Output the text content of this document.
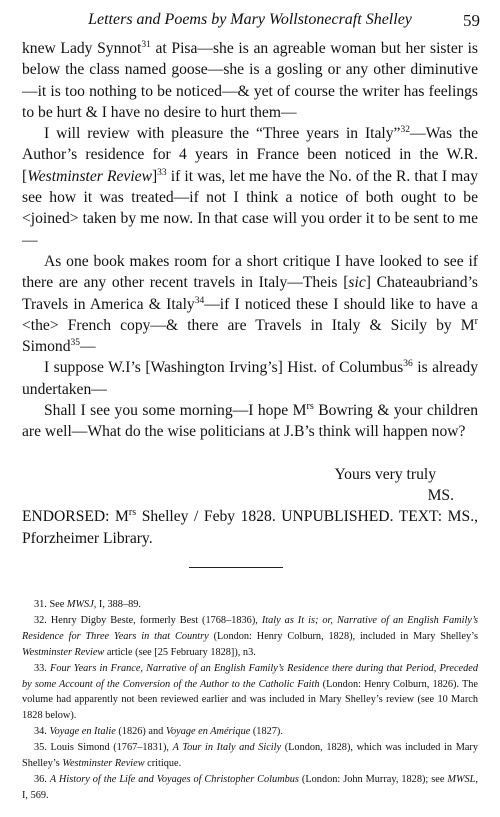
Letters and Poems by Mary Wollstonecraft Shelley	59

knew Lady Synnot$^{31}$ at Pisa—she is an agreable woman but her sister is below the class named goose—she is a gosling or any other diminutive—it is too nothing to be noticed—& yet of course the writer has feelings to be hurt & I have no desire to hurt them—

I will review with pleasure the “Three years in Italy”$^{32}$—Was the Author’s residence for 4 years in France been noticed in the W.R. [Westminster Review]$^{33}$ if it was, let me have the No. of the R. that I may see how it was treated—if not I think a notice of both ought to be <joined> taken by me now. In that case will you order it to be sent to me—

As one book makes room for a short critique I have looked to see if there are any other recent travels in Italy—Theis [sic] Chateaubriand’s Travels in America & Italy$^{34}$—if I noticed these I should like to have a <the> French copy—& there are Travels in Italy & Sicily by $M^r$ Simond$^{35}$—

I suppose W.I’s [Washington Irving’s] Hist. of Columbus$^{36}$ is already undertaken—

Shall I see you some morning—I hope $M^{rs}$ Bowring & your children are well—What do the wise politicians at J.B’s think will happen now?

Yours very truly
MS.

ENDORSED: $M^{rs}$ Shelley / Feby 1828. UNPUBLISHED. TEXT: MS., Pforzheimer Library.

31. See MWSJ, I, 388–89.

32. Henry Digby Beste, formerly Best (1768–1836), Italy as It is; or, Narrative of an English Family’s Residence for Three Years in that Country (London: Henry Colburn, 1828), included in Mary Shelley’s Westminster Review article (see [25 February 1828]), n3.

33. Four Years in France, Narrative of an English Family’s Residence there during that Period, Preceded by some Account of the Conversion of the Author to the Catholic Faith (London: Henry Colburn, 1826). The volume had apparently not been reviewed earlier and was included in Mary Shelley’s review (see 10 March 1828 below).

34. Voyage en Italie (1826) and Voyage en Amérique (1827).

35. Louis Simond (1767–1831), A Tour in Italy and Sicily (London, 1828), which was included in Mary Shelley’s Westminster Review critique.

36. A History of the Life and Voyages of Christopher Columbus (London: John Murray, 1828); see MWSL, I, 569.
